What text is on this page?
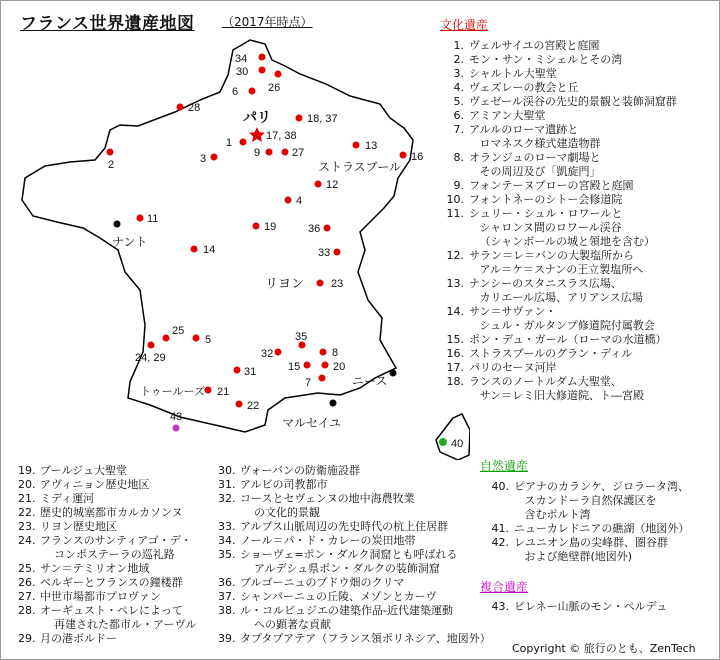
フランス世界遺産地図 （2017年時点）
34
30
26
6
28
18, 37
17, 38
1
3	9	27
13
16
2
12
4
11
36
19
33
14
23
25
5
24, 29
35
32	8
15	20
31
7
21
22
43
40
パリ
ストラスブール
ナント
リヨン
トゥールーズ
ニース
マルセイユ
文化遺産
1. ヴェルサイユの宮殿と庭園
2. モン・サン・ミシェルとその湾
3. シャルトル大聖堂
4. ヴェズレーの教会と丘
5. ヴェゼール渓谷の先史的景観と装飾洞窟群
6. アミアン大聖堂
7. アルルのローマ遺跡と
ロマネスク様式建造物群
8. オランジュのローマ劇場と
その周辺及び「凱旋門」
9. フォンテーヌブローの宮殿と庭園
10. フォントネーのシトー会修道院
11. シュリー・シュル・ロワールと
シャロンヌ間のロワール渓谷
（シャンボールの城と領地を含む）
12. サラン＝レ＝バンの大製塩所から
アル＝ケ＝スナンの王立製塩所へ
13. ナンシーのスタニスラス広場、
カリエール広場、アリアンス広場
14. サン＝サヴァン・
シュル・ガルタンプ修道院付属教会
15. ポン・デュ・ガール（ローマの水道橋）
16. ストラスブールのグラン・ディル
17. パリのセーヌ河岸
18. ランスのノートルダム大聖堂、
サン＝レミ旧大修道院、ト―宮殿
自然遺産
40. ピアナのカランケ、ジロラータ湾、
スカンドーラ自然保護区を
含むポルト湾
41. ニューカレドニアの礁湖（地図外）
42. レユニオン島の尖峰群、圏谷群
および絶壁群(地図外)
複合遺産
43. ピレネー山脈のモン・ペルデュ
19. ブールジュ大聖堂
20. アヴィニョン歴史地区
21. ミディ運河
22. 歴史的城塞都市カルカソンヌ
23. リヨン歴史地区
24. フランスのサンティアゴ・デ・
コンポステーラの巡礼路
25. サン＝テミリオン地域
26. ベルギーとフランスの鐘楼群
27. 中世市場都市プロヴァン
28. オーギュスト・ペレによって
再建された都市ル・アーヴル
29. 月の港ボルドー
30. ヴォーバンの防衛施設群
31. アルビの司教都市
32. コースとセヴェンヌの地中海農牧業
の文化的景観
33. アルプス山脈周辺の先史時代の杭上住居群
34. ノール＝パ・ド・カレーの炭田地帯
35. ショーヴェ=ポン・ダルク洞窟とも呼ばれる
アルデシュ県ポン・ダルクの装飾洞窟
36. ブルゴーニュのブドウ畑のクリマ
37. シャンパーニュの丘陵、メゾンとカーヴ
38. ル・コルビュジエの建築作品-近代建築運動
への顕著な貢献
39. タプタプアテア（フランス領ポリネシア、地図外）
Copyright © 旅行のとも、ZenTech
